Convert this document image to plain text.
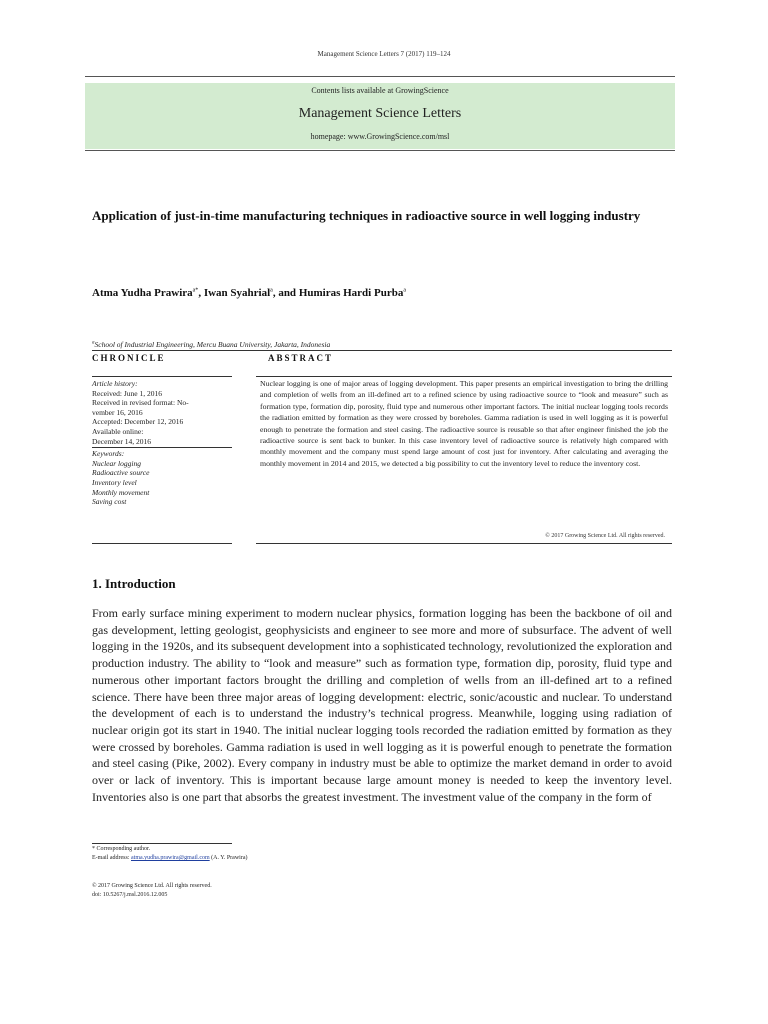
Management Science Letters 7 (2017) 119–124
Contents lists available at GrowingScience
Management Science Letters
homepage: www.GrowingScience.com/msl
Application of just-in-time manufacturing techniques in radioactive source in well logging industry
Atma Yudha Prawira$^{a*}$, Iwan Syahrial$^a$, and Humiras Hardi Purba$^a$
$^a$School of Industrial Engineering, Mercu Buana University, Jakarta, Indonesia
CHRONICLE	ABSTRACT
Article history:
Received: June 1, 2016
Received in revised format: No-
vember 16, 2016
Accepted: December 12, 2016
Available online:
December 14, 2016
Keywords:
Nuclear logging
Radioactive source
Inventory level
Monthly movement
Saving cost
Nuclear logging is one of major areas of logging development. This paper presents an empirical investigation to bring the drilling and completion of wells from an ill-defined art to a refined science by using radioactive source to “look and measure” such as formation type, formation dip, porosity, fluid type and numerous other important factors. The initial nuclear logging tools records the radiation emitted by formation as they were crossed by boreholes. Gamma radiation is used in well logging as it is powerful enough to penetrate the formation and steel casing. The radioactive source is reusable so that after engineer finished the job the radioactive source is sent back to bunker. In this case inventory level of radioactive source is relatively high compared with monthly movement and the company must spend large amount of cost just for inventory. After calculating and averaging the monthly movement in 2014 and 2015, we detected a big possibility to cut the inventory level to reduce the inventory cost.
© 2017 Growing Science Ltd. All rights reserved.
1. Introduction
From early surface mining experiment to modern nuclear physics, formation logging has been the backbone of oil and gas development, letting geologist, geophysicists and engineer to see more and more of subsurface. The advent of well logging in the 1920s, and its subsequent development into a sophisticated technology, revolutionized the exploration and production industry. The ability to “look and measure” such as formation type, formation dip, porosity, fluid type and numerous other important factors brought the drilling and completion of wells from an ill-defined art to a refined science. There have been three major areas of logging development: electric, sonic/acoustic and nuclear. To understand the development of each is to understand the industry’s technical progress. Meanwhile, logging using radiation of nuclear origin got its start in 1940. The initial nuclear logging tools recorded the radiation emitted by formation as they were crossed by boreholes. Gamma radiation is used in well logging as it is powerful enough to penetrate the formation and steel casing (Pike, 2002). Every company in industry must be able to optimize the market demand in order to avoid over or lack of inventory. This is important because large amount money is needed to keep the inventory level. Inventories also is one part that absorbs the greatest investment. The investment value of the company in the form of
* Corresponding author.
E-mail address: atma.yudha.prawira@gmail.com (A. Y. Prawira)
© 2017 Growing Science Ltd. All rights reserved.
doi: 10.5267/j.msl.2016.12.005
